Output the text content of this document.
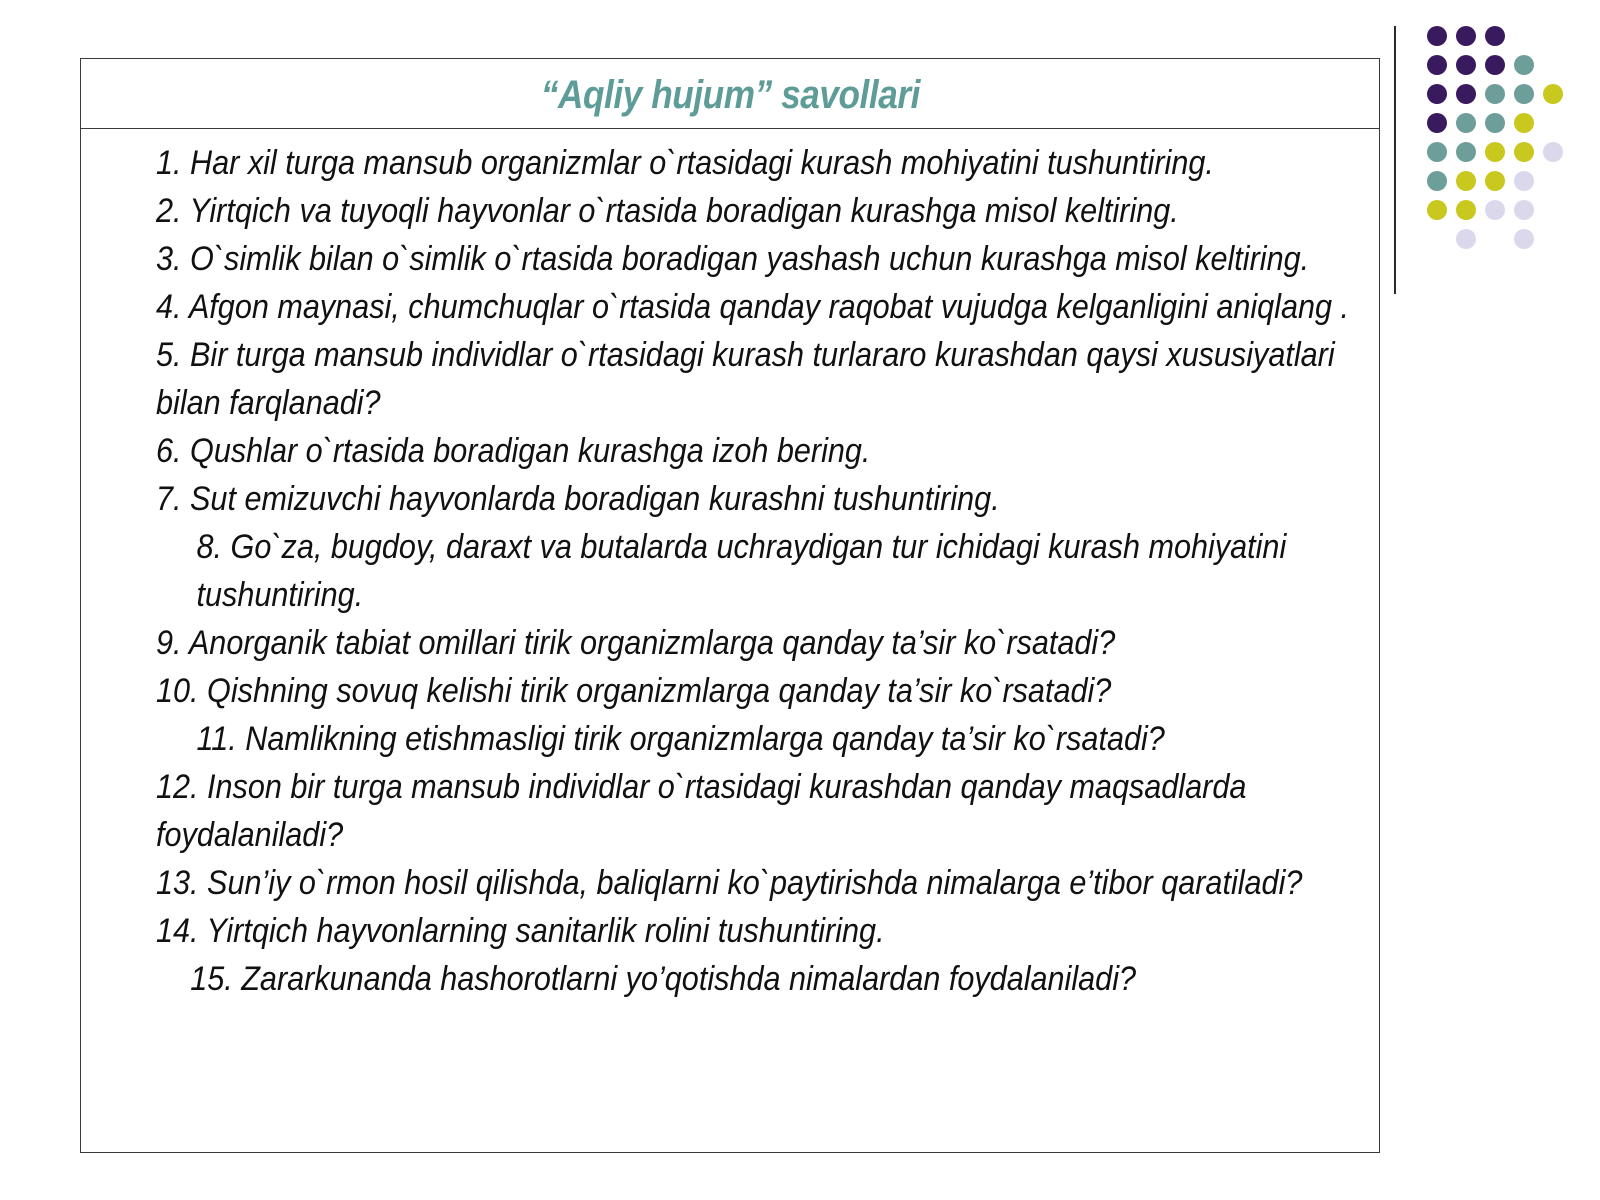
“Aqliy hujum” savollari
1. Har xil turga mansub organizmlar o`rtasidagi kurash mohiyatini tushuntiring.
2. Yirtqich va tuyoqli hayvonlar o`rtasida boradigan kurashga misol keltiring.
3. O`simlik bilan o`simlik o`rtasida boradigan yashash uchun kurashga misol keltiring.
4. Afgon maynasi, chumchuqlar o`rtasida qanday raqobat vujudga kelganligini aniqlang .
5. Bir turga mansub individlar o`rtasidagi kurash turlararo kurashdan qaysi xususiyatlari bilan farqlanadi?
6. Qushlar o`rtasida boradigan kurashga izoh bering.
7. Sut emizuvchi hayvonlarda boradigan kurashni tushuntiring.
8. Go`za, bugdoy, daraxt va butalarda uchraydigan tur ichidagi kurash mohiyatini tushuntiring.
9. Anorganik tabiat omillari tirik organizmlarga qanday ta’sir ko`rsatadi?
10. Qishning sovuq kelishi tirik organizmlarga qanday ta’sir ko`rsatadi?
11. Namlikning etishmasligi tirik organizmlarga qanday ta’sir ko`rsatadi?
12. Inson bir turga mansub individlar o`rtasidagi kurashdan qanday maqsadlarda foydalaniladi?
13. Sun’iy o`rmon hosil qilishda, baliqlarni ko`paytirishda nimalarga e’tibor qaratiladi?
14. Yirtqich hayvonlarning sanitarlik rolini tushuntiring.
15. Zararkunanda hashorotlarni yo’qotishda nimalardan foydalaniladi?
